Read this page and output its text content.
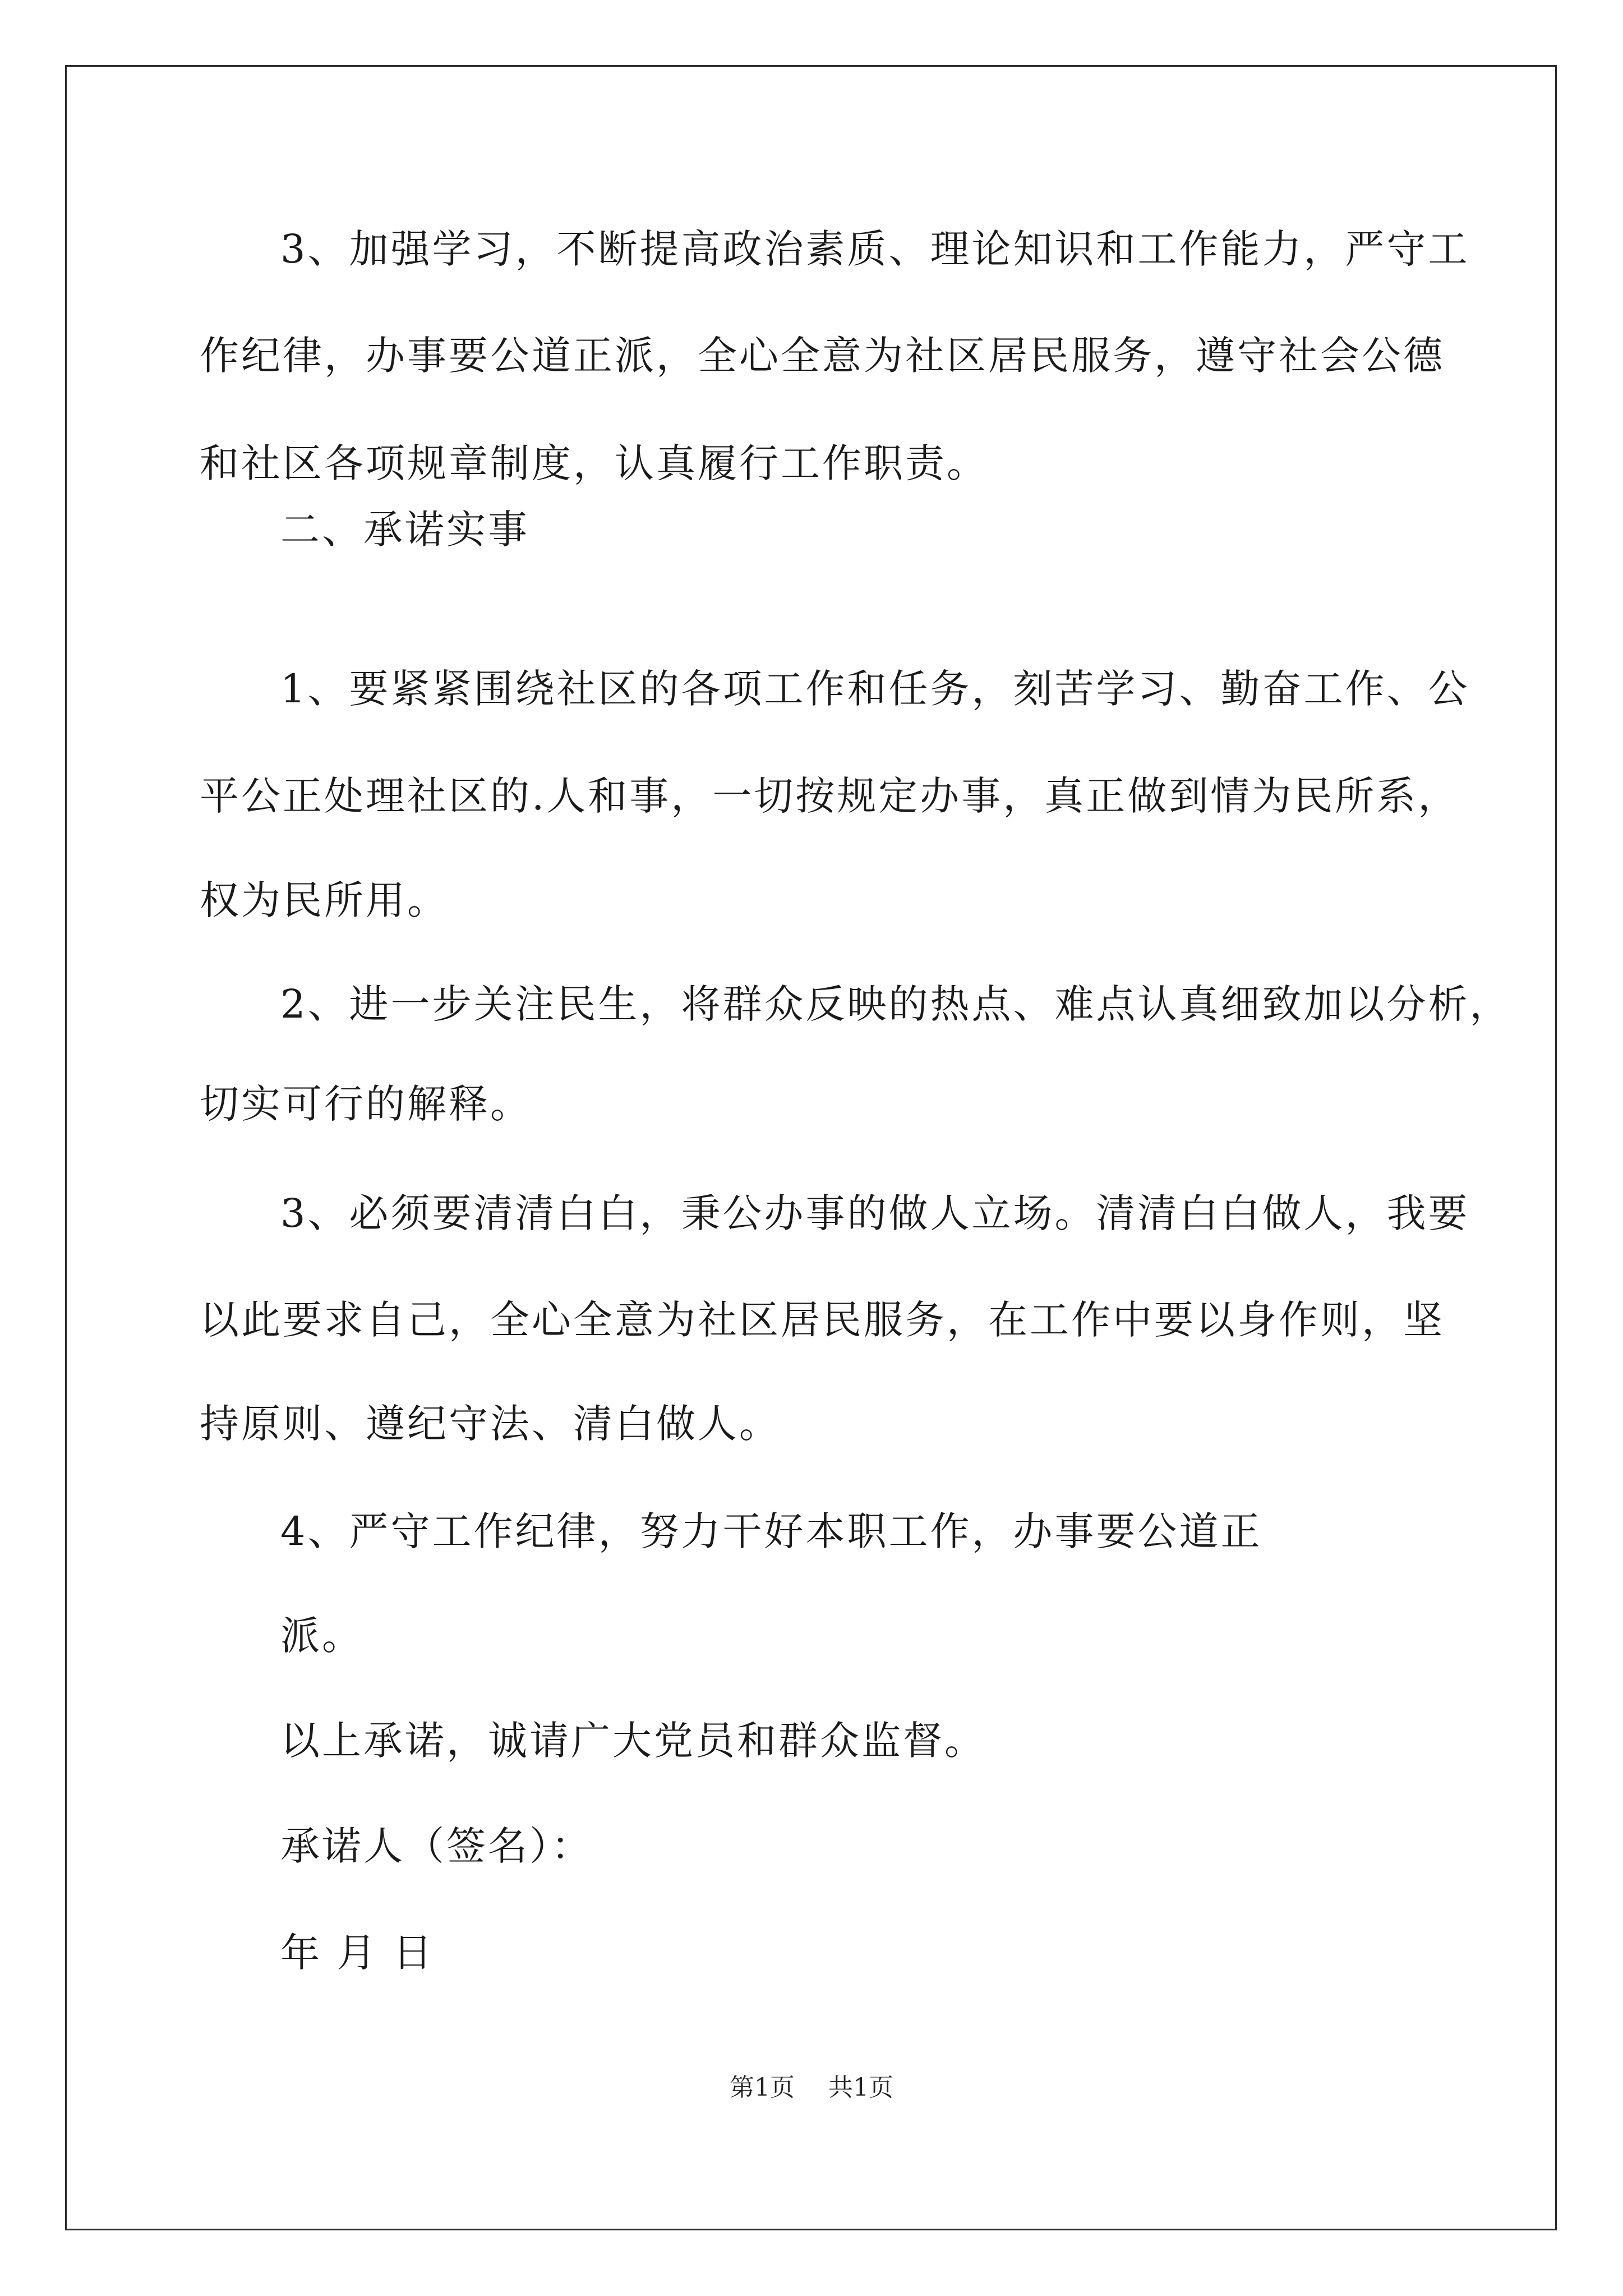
3、加强学习，不断提高政治素质、理论知识和工作能力，严守工

作纪律，办事要公道正派，全心全意为社区居民服务，遵守社会公德

和社区各项规章制度，认真履行工作职责。

二、承诺实事

1、要紧紧围绕社区的各项工作和任务，刻苦学习、勤奋工作、公

平公正处理社区的.人和事，一切按规定办事，真正做到情为民所系，

权为民所用。

2、进一步关注民生，将群众反映的热点、难点认真细致加以分析，

切实可行的解释。

3、必须要清清白白，秉公办事的做人立场。清清白白做人，我要

以此要求自己，全心全意为社区居民服务，在工作中要以身作则，坚

持原则、遵纪守法、清白做人。

4、严守工作纪律，努力干好本职工作，办事要公道正

派。

以上承诺，诚请广大党员和群众监督。

承诺人（签名）：

年 月 日

第1页 共1页
